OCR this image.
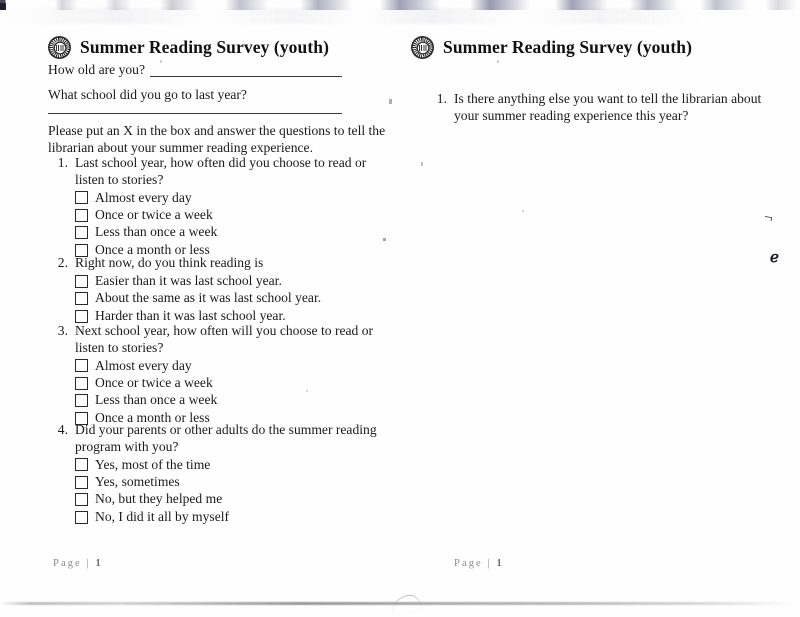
¬
ℯ
Summer Reading Survey (youth)
How old are you?
What school did you go to last year?
Please put an X in the box and answer the questions to tell the librarian about your summer reading experience.
1. Last school year, how often did you choose to read or listen to stories?
Almost every day
Once or twice a week
Less than once a week
Once a month or less
2. Right now, do you think reading is
Easier than it was last school year.
About the same as it was last school year.
Harder than it was last school year.
3. Next school year, how often will you choose to read or listen to stories?
Almost every day
Once or twice a week
Less than once a week
Once a month or less
4. Did your parents or other adults do the summer reading program with you?
Yes, most of the time
Yes, sometimes
No, but they helped me
No, I did it all by myself
Page | 1
Summer Reading Survey (youth)
1. Is there anything else you want to tell the librarian about your summer reading experience this year?
Page | 1
